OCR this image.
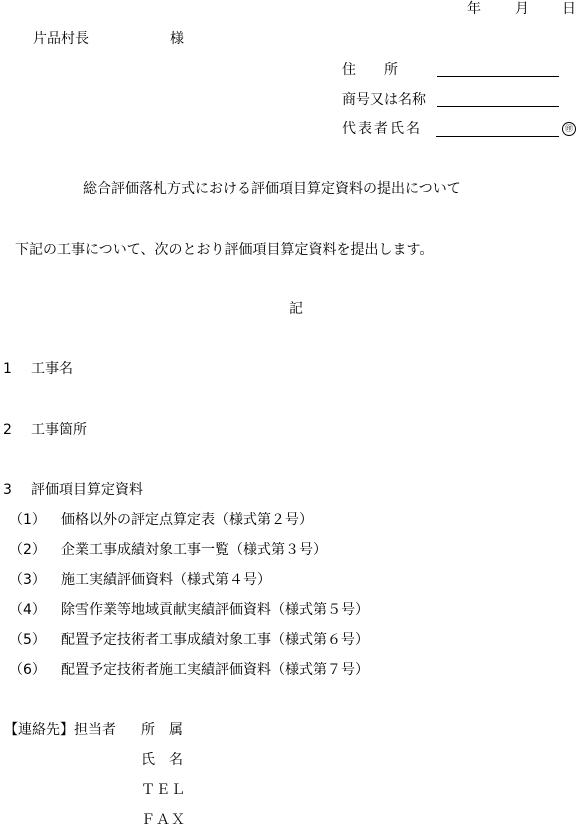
年 月 日
片品村長	様
住　　所
商号又は名称
代表者氏名	㊞
総合評価落札方式における評価項目算定資料の提出について
下記の工事について、次のとおり評価項目算定資料を提出します。
記
1 工事名
2 工事箇所
3 評価項目算定資料
（1） 価格以外の評定点算定表（様式第２号）
（2） 企業工事成績対象工事一覧（様式第３号）
（3） 施工実績評価資料（様式第４号）
（4） 除雪作業等地域貢献実績評価資料（様式第５号）
（5） 配置予定技術者工事成績対象工事（様式第６号）
（6） 配置予定技術者施工実績評価資料（様式第７号）
【連絡先】担当者 所　属
氏　名
ＴＥＬ
ＦＡＸ
